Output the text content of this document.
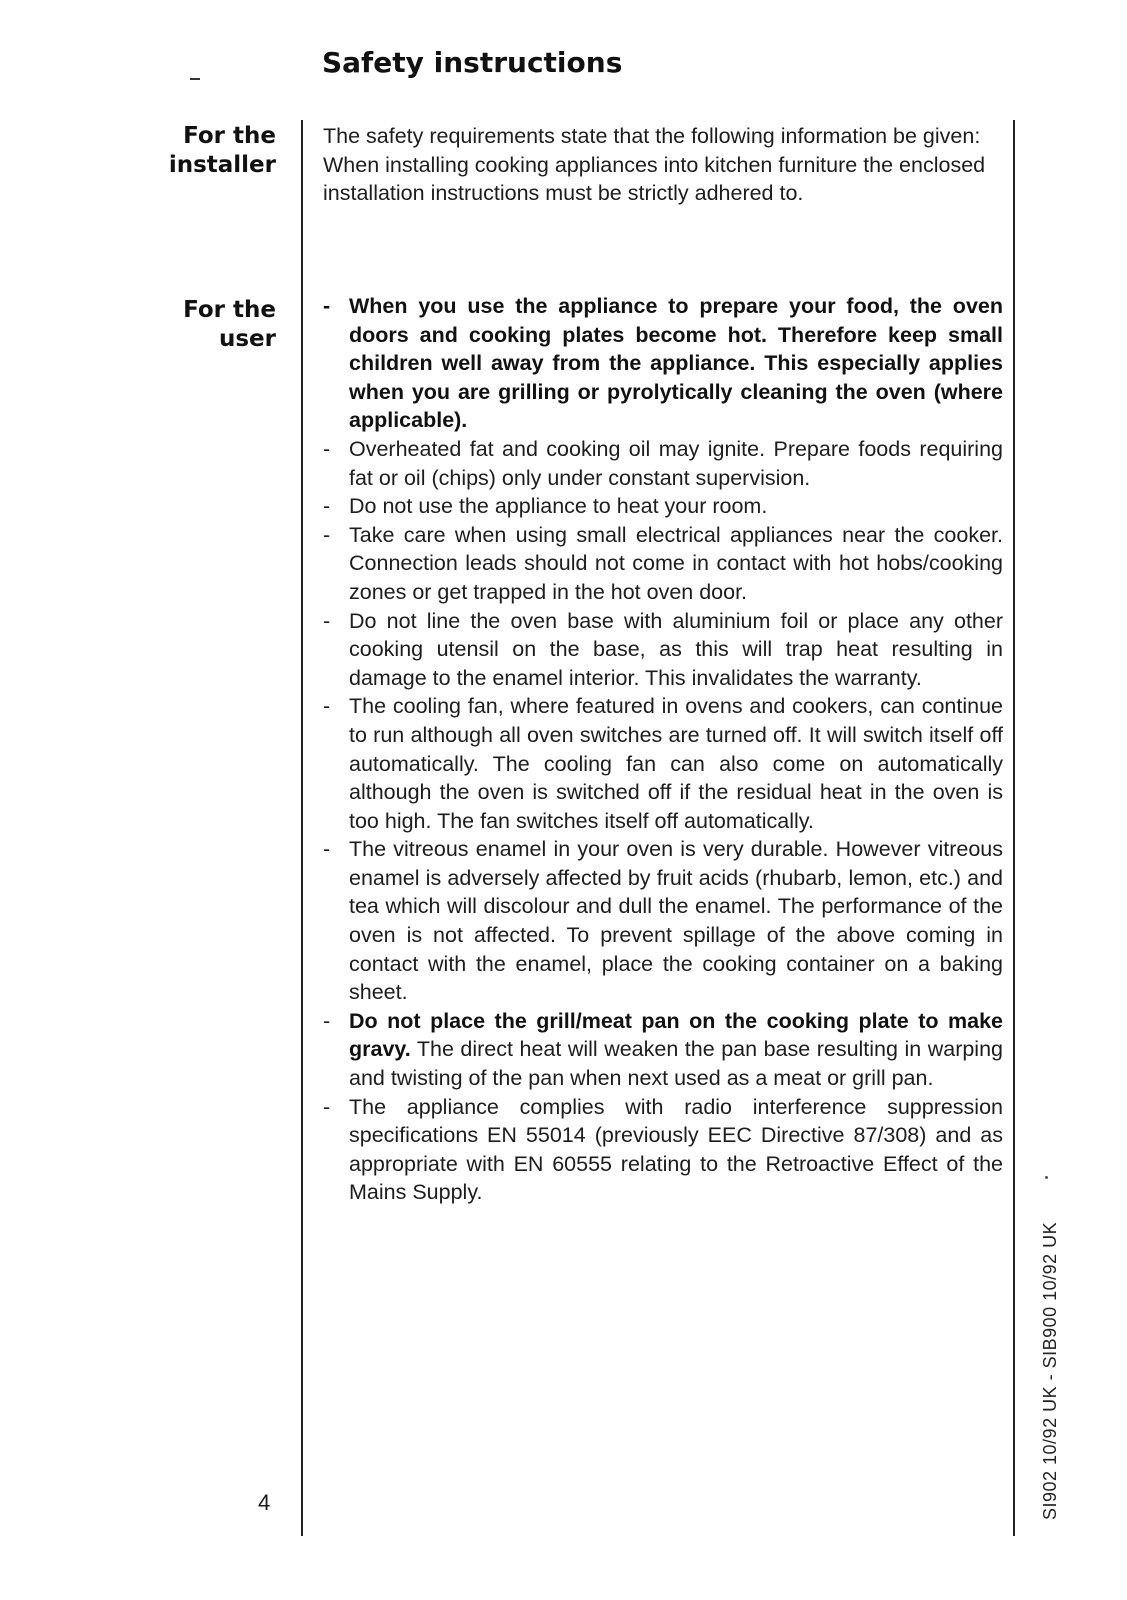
Safety instructions
For the
installer
For the
user

The safety requirements state that the following information be given:

When installing cooking appliances into kitchen furniture the enclosed installation instructions must be strictly adhered to.

- When you use the appliance to prepare your food, the oven doors and cooking plates become hot. Therefore keep small children well away from the appliance. This especially applies when you are grilling or pyrolytically cleaning the oven (where applicable).
- Overheated fat and cooking oil may ignite. Prepare foods requiring fat or oil (chips) only under constant supervision.
- Do not use the appliance to heat your room.
- Take care when using small electrical appliances near the cooker. Connection leads should not come in contact with hot hobs/cooking zones or get trapped in the hot oven door.
- Do not line the oven base with aluminium foil or place any other cooking utensil on the base, as this will trap heat resulting in damage to the enamel interior. This invalidates the warranty.
- The cooling fan, where featured in ovens and cookers, can continue to run although all oven switches are turned off. It will switch itself off automatically. The cooling fan can also come on automatically although the oven is switched off if the residual heat in the oven is too high. The fan switches itself off automatically.
- The vitreous enamel in your oven is very durable. However vitreous enamel is adversely affected by fruit acids (rhubarb, lemon, etc.) and tea which will discolour and dull the enamel. The performance of the oven is not affected. To prevent spillage of the above coming in contact with the enamel, place the cooking container on a baking sheet.
- Do not place the grill/meat pan on the cooking plate to make gravy. The direct heat will weaken the pan base resulting in warping and twisting of the pan when next used as a meat or grill pan.
- The appliance complies with radio interference suppression specifications EN 55014 (previously EEC Directive 87/308) and as appropriate with EN 60555 relating to the Retroactive Effect of the Mains Supply.
4	SI902 10/92 UK - SIB900 10/92 UK
